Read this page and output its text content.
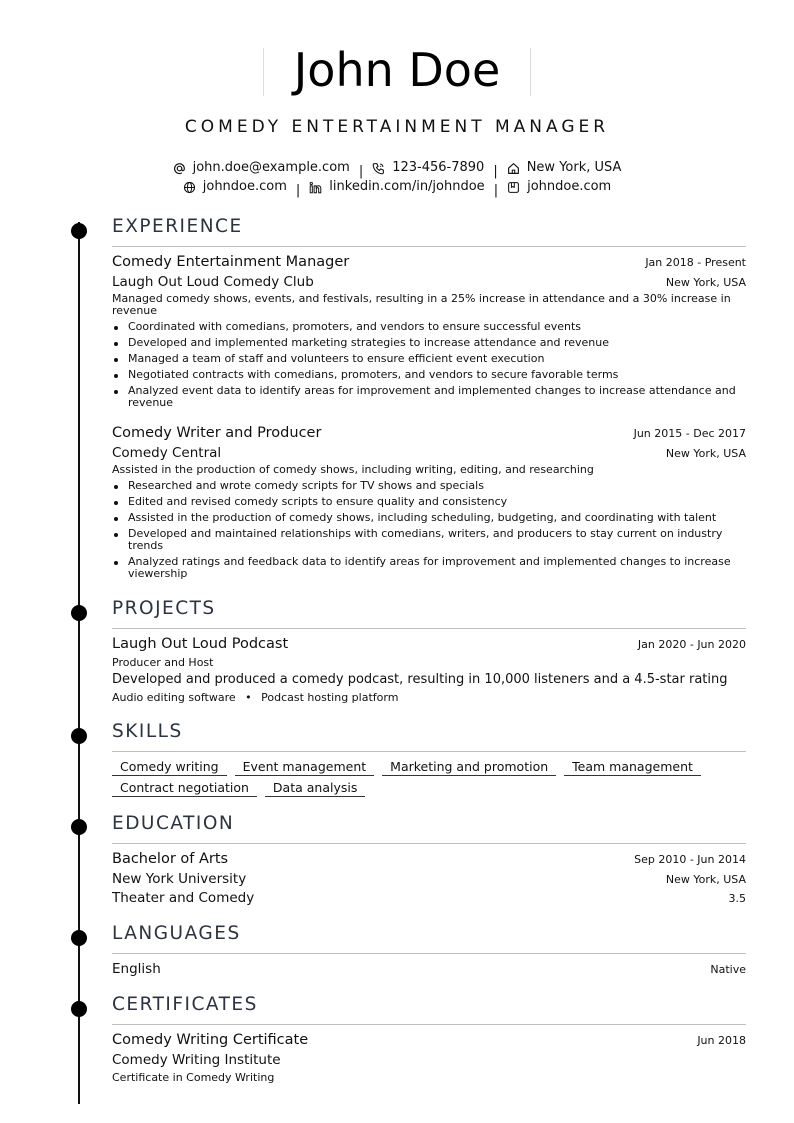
John Doe
COMEDY ENTERTAINMENT MANAGER
john.doe@example.com | 123-456-7890 | New York, USA
johndoe.com | linkedin.com/in/johndoe | johndoe.com
EXPERIENCE
Comedy Entertainment Manager	Jan 2018 - Present
Laugh Out Loud Comedy Club	New York, USA
Managed comedy shows, events, and festivals, resulting in a 25% increase in attendance and a 30% increase in revenue
Coordinated with comedians, promoters, and vendors to ensure successful events
Developed and implemented marketing strategies to increase attendance and revenue
Managed a team of staff and volunteers to ensure efficient event execution
Negotiated contracts with comedians, promoters, and vendors to secure favorable terms
Analyzed event data to identify areas for improvement and implemented changes to increase attendance and revenue
Comedy Writer and Producer	Jun 2015 - Dec 2017
Comedy Central	New York, USA
Assisted in the production of comedy shows, including writing, editing, and researching
Researched and wrote comedy scripts for TV shows and specials
Edited and revised comedy scripts to ensure quality and consistency
Assisted in the production of comedy shows, including scheduling, budgeting, and coordinating with talent
Developed and maintained relationships with comedians, writers, and producers to stay current on industry trends
Analyzed ratings and feedback data to identify areas for improvement and implemented changes to increase viewership
PROJECTS
Laugh Out Loud Podcast	Jan 2020 - Jun 2020
Producer and Host
Developed and produced a comedy podcast, resulting in 10,000 listeners and a 4.5-star rating
Audio editing software • Podcast hosting platform
SKILLS
Comedy writing	Event management	Marketing and promotion	Team management
Contract negotiation	Data analysis
EDUCATION
Bachelor of Arts	Sep 2010 - Jun 2014
New York University	New York, USA
Theater and Comedy	3.5
LANGUAGES
English	Native
CERTIFICATES
Comedy Writing Certificate	Jun 2018
Comedy Writing Institute
Certificate in Comedy Writing
